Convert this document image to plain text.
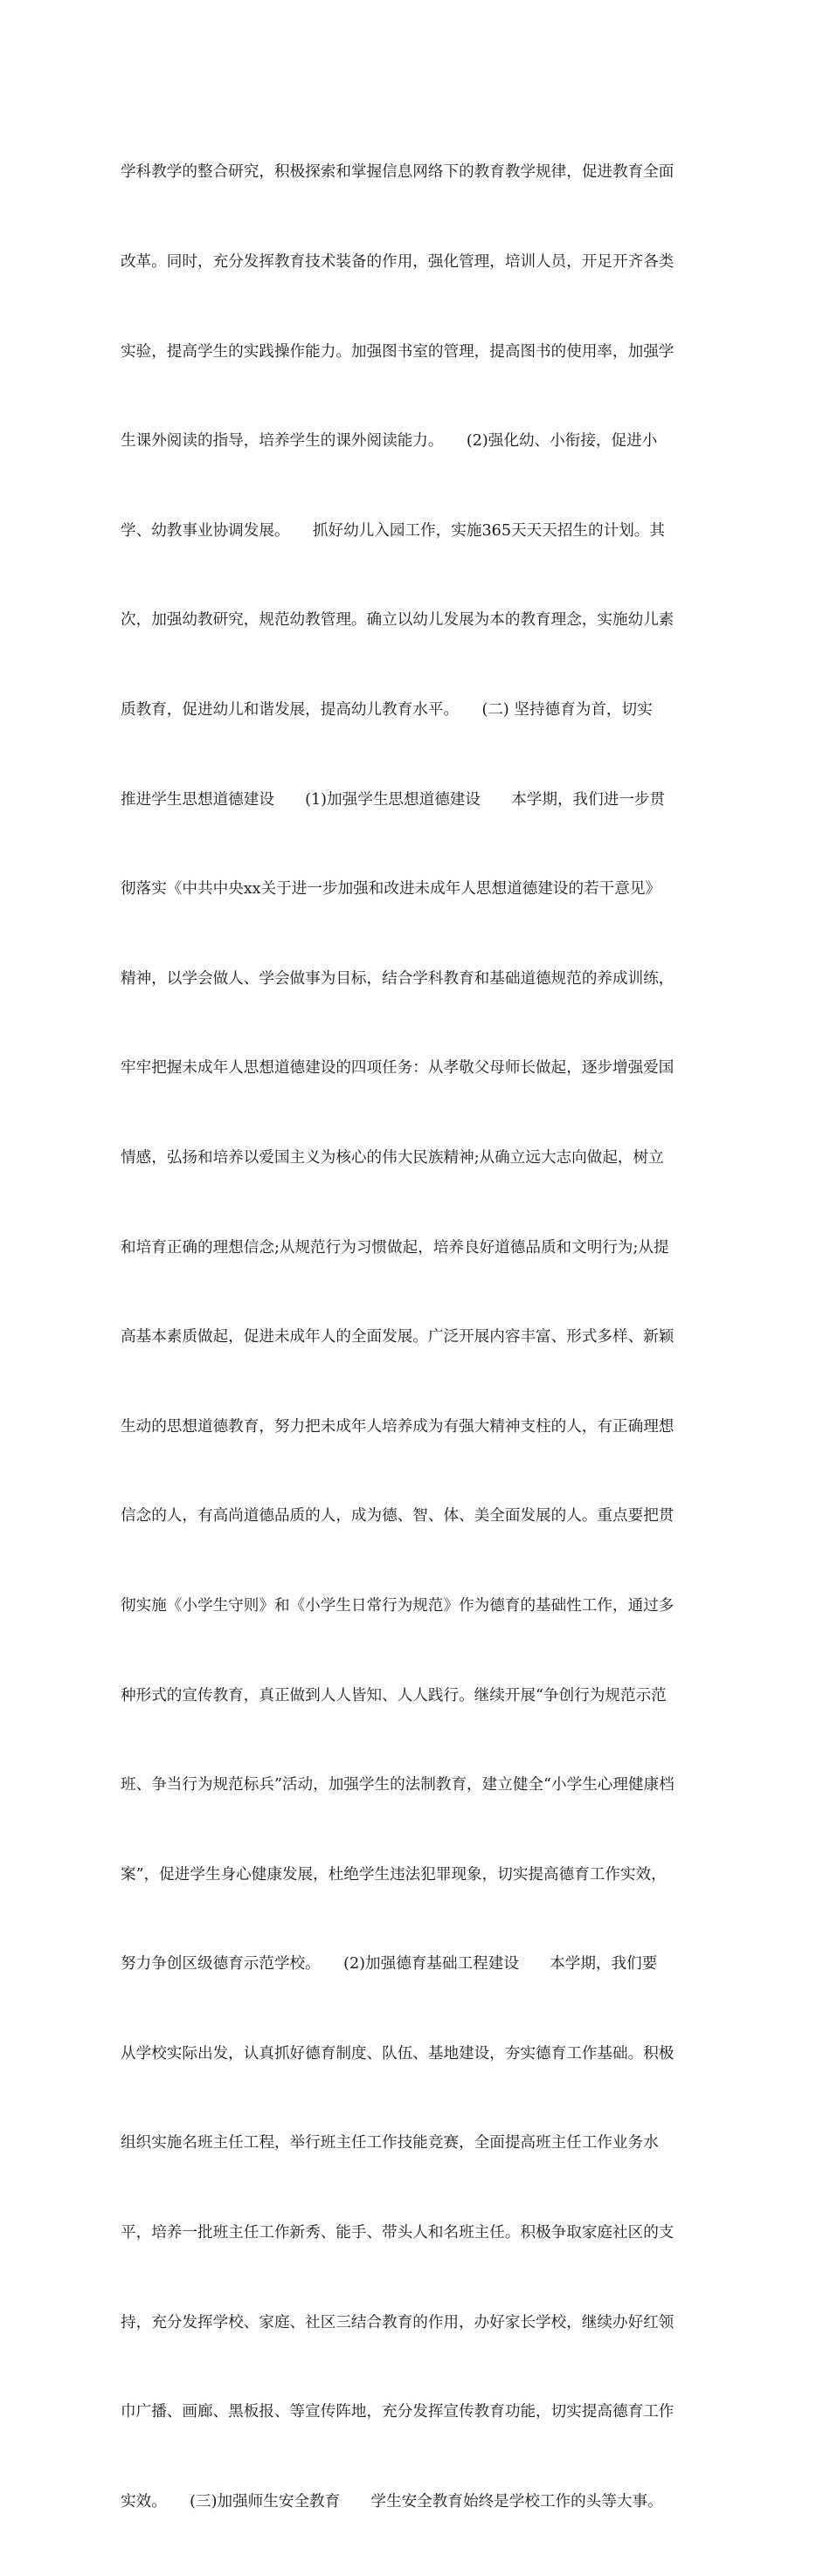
学科教学的整合研究，积极探索和掌握信息网络下的教育教学规律，促进教育全面

改革。同时，充分发挥教育技术装备的作用，强化管理，培训人员，开足开齐各类

实验，提高学生的实践操作能力。加强图书室的管理，提高图书的使用率，加强学

生课外阅读的指导，培养学生的课外阅读能力。　　(2)强化幼、小衔接，促进小

学、幼教事业协调发展。　　抓好幼儿入园工作，实施365天天天招生的计划。其

次，加强幼教研究，规范幼教管理。确立以幼儿发展为本的教育理念，实施幼儿素

质教育，促进幼儿和谐发展，提高幼儿教育水平。　　(二) 坚持德育为首，切实

推进学生思想道德建设　　(1)加强学生思想道德建设　　本学期，我们进一步贯

彻落实《中共中央xx关于进一步加强和改进未成年人思想道德建设的若干意见》

精神，以学会做人、学会做事为目标，结合学科教育和基础道德规范的养成训练，

牢牢把握未成年人思想道德建设的四项任务：从孝敬父母师长做起，逐步增强爱国

情感，弘扬和培养以爱国主义为核心的伟大民族精神;从确立远大志向做起，树立

和培育正确的理想信念;从规范行为习惯做起，培养良好道德品质和文明行为;从提

高基本素质做起，促进未成年人的全面发展。广泛开展内容丰富、形式多样、新颖

生动的思想道德教育，努力把未成年人培养成为有强大精神支柱的人，有正确理想

信念的人，有高尚道德品质的人，成为德、智、体、美全面发展的人。重点要把贯

彻实施《小学生守则》和《小学生日常行为规范》作为德育的基础性工作，通过多

种形式的宣传教育，真正做到人人皆知、人人践行。继续开展“争创行为规范示范

班、争当行为规范标兵”活动，加强学生的法制教育，建立健全“小学生心理健康档

案”，促进学生身心健康发展，杜绝学生违法犯罪现象，切实提高德育工作实效，

努力争创区级德育示范学校。　　(2)加强德育基础工程建设　　本学期，我们要

从学校实际出发，认真抓好德育制度、队伍、基地建设，夯实德育工作基础。积极

组织实施名班主任工程，举行班主任工作技能竞赛，全面提高班主任工作业务水

平，培养一批班主任工作新秀、能手、带头人和名班主任。积极争取家庭社区的支

持，充分发挥学校、家庭、社区三结合教育的作用，办好家长学校，继续办好红领

巾广播、画廊、黑板报、等宣传阵地，充分发挥宣传教育功能，切实提高德育工作

实效。　　(三)加强师生安全教育　　学生安全教育始终是学校工作的头等大事。
